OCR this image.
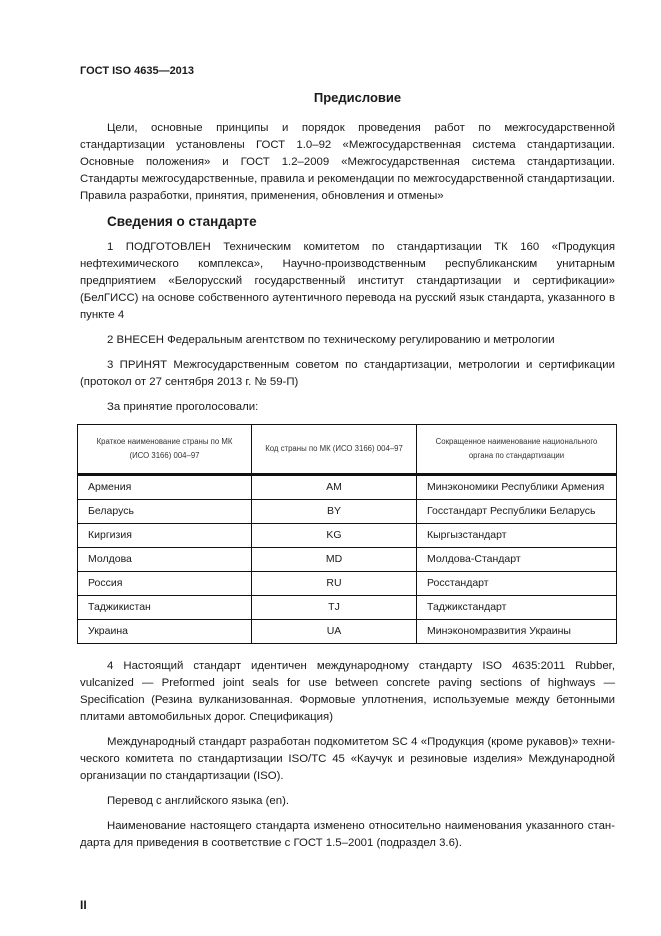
ГОСТ ISO 4635—2013
Предисловие

Цели, основные принципы и порядок проведения работ по межгосударственной стандартизации установлены ГОСТ 1.0–92 «Межгосударственная система стандартизации. Основные положения» и ГОСТ 1.2–2009 «Межгосударственная система стандартизации. Стандарты межгосударственные, правила и рекомендации по межгосударственной стандартизации. Правила разработки, принятия, применения, обновления и отмены»

Сведения о стандарте

1 ПОДГОТОВЛЕН Техническим комитетом по стандартизации ТК 160 «Продукция нефтехимического комплекса», Научно-производственным республиканским унитарным предприятием «Белорусский государственный институт стандартизации и сертификации» (БелГИСС) на основе собственного аутентичного перевода на русский язык стандарта, указанного в пункте 4

2 ВНЕСЕН Федеральным агентством по техническому регулированию и метрологии

3 ПРИНЯТ Межгосударственным советом по стандартизации, метрологии и сертификации (протокол от 27 сентября 2013 г. № 59-П)

За принятие проголосовали:

Краткое наименование страны по МК (ИСО 3166) 004–97	Код страны по МК (ИСО 3166) 004–97	Сокращенное наименование национального органа по стандартизации
Армения	AM	Минэкономики Республики Армения
Беларусь	BY	Госстандарт Республики Беларусь
Киргизия	KG	Кыргызстандарт
Молдова	MD	Молдова-Стандарт
Россия	RU	Росстандарт
Таджикистан	TJ	Таджикстандарт
Украина	UA	Минэкономразвития Украины

4 Настоящий стандарт идентичен международному стандарту ISO 4635:2011 Rubber, vulcanized — Preformed joint seals for use between concrete paving sections of highways — Specification (Резина вулканизованная. Формовые уплотнения, используемые между бетонными плитами автомобильных дорог. Спецификация)

Международный стандарт разработан подкомитетом SC 4 «Продукция (кроме рукавов)» технического комитета по стандартизации ISO/TC 45 «Каучук и резиновые изделия» Международной организации по стандартизации (ISO).

Перевод с английского языка (en).

Наименование настоящего стандарта изменено относительно наименования указанного стандарта для приведения в соответствие с ГОСТ 1.5–2001 (подраздел 3.6).

II
